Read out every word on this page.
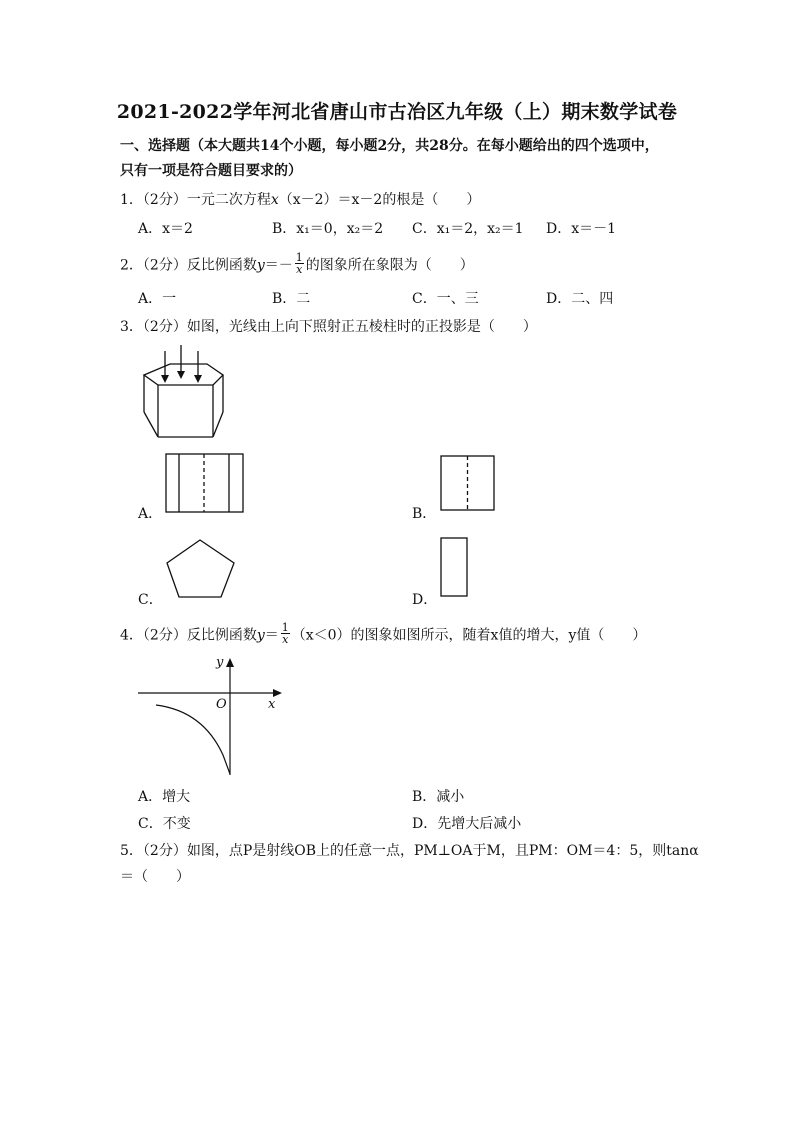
2021-2022学年河北省唐山市古冶区九年级（上）期末数学试卷
一、选择题（本大题共14个小题，每小题2分，共28分。在每小题给出的四个选项中，
只有一项是符合题目要求的）
1．（2分）一元二次方程x（x－2）＝x－2的根是（　　）
A．x＝2	B．x₁＝0，x₂＝2 C．x₁＝2，x₂＝1 D．x＝－1
2．（2分）反比例函数$y=- \frac{1}{x}$ 的图象所在象限为（　　）
A．一	B．二	C．一、三	D．二、四
3．（2分）如图，光线由上向下照射正五棱柱时的正投影是（　　）
A．	B．
C．	D．
4．（2分）反比例函数$y= \frac{1}{x} (x<0)$的图象如图所示，随着x值的增大，y值（　　）
y
x
O
A．增大	B．减小
C．不变	D．先增大后减小
5．（2分）如图，点P是射线OB上的任意一点，PM⊥OA于M，且PM：OM＝4：5，则tanα
＝（　　）
